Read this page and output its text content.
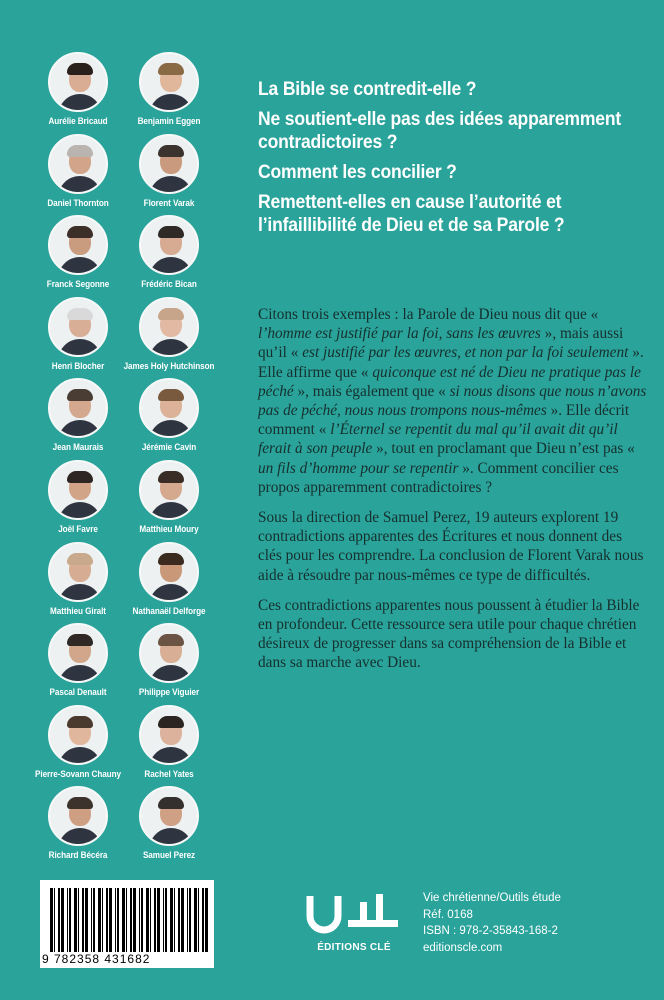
Aurélie Bricaud	Benjamin Eggen
Daniel Thornton	Florent Varak
Franck Segonne	Frédéric Bican
Henri Blocher	James Holy Hutchinson
Jean Maurais	Jérémie Cavin
Joël Favre	Matthieu Moury
Matthieu Giralt	Nathanaël Delforge
Pascal Denault	Philippe Viguier
Pierre-Sovann Chauny	Rachel Yates
Richard Bécéra	Samuel Perez
La Bible se contredit-elle ?
Ne soutient-elle pas des idées apparemment contradictoires ?
Comment les concilier ?
Remettent-elles en cause l’autorité et l’infaillibilité de Dieu et de sa Parole ?
Citons trois exemples : la Parole de Dieu nous dit que « l’homme est justifié par la foi, sans les œuvres », mais aussi qu’il « est justifié par les œuvres, et non par la foi seulement ». Elle affirme que « quiconque est né de Dieu ne pratique pas le péché », mais également que « si nous disons que nous n’avons pas de péché, nous nous trompons nous-mêmes ». Elle décrit comment « l’Éternel se repentit du mal qu’il avait dit qu’il ferait à son peuple », tout en proclamant que Dieu n’est pas « un fils d’homme pour se repentir ». Comment concilier ces propos apparemment contradictoires ?
Sous la direction de Samuel Perez, 19 auteurs explorent 19 contradictions apparentes des Écritures et nous donnent des clés pour les comprendre. La conclusion de Florent Varak nous aide à résoudre par nous-mêmes ce type de difficultés.
Ces contradictions apparentes nous poussent à étudier la Bible en profondeur. Cette ressource sera utile pour chaque chrétien désireux de progresser dans sa compréhension de la Bible et dans sa marche avec Dieu.
9 782358 431682
ÉDITIONS CLÉ
Vie chrétienne/Outils étude
Réf. 0168
ISBN : 978-2-35843-168-2
editionscle.com
